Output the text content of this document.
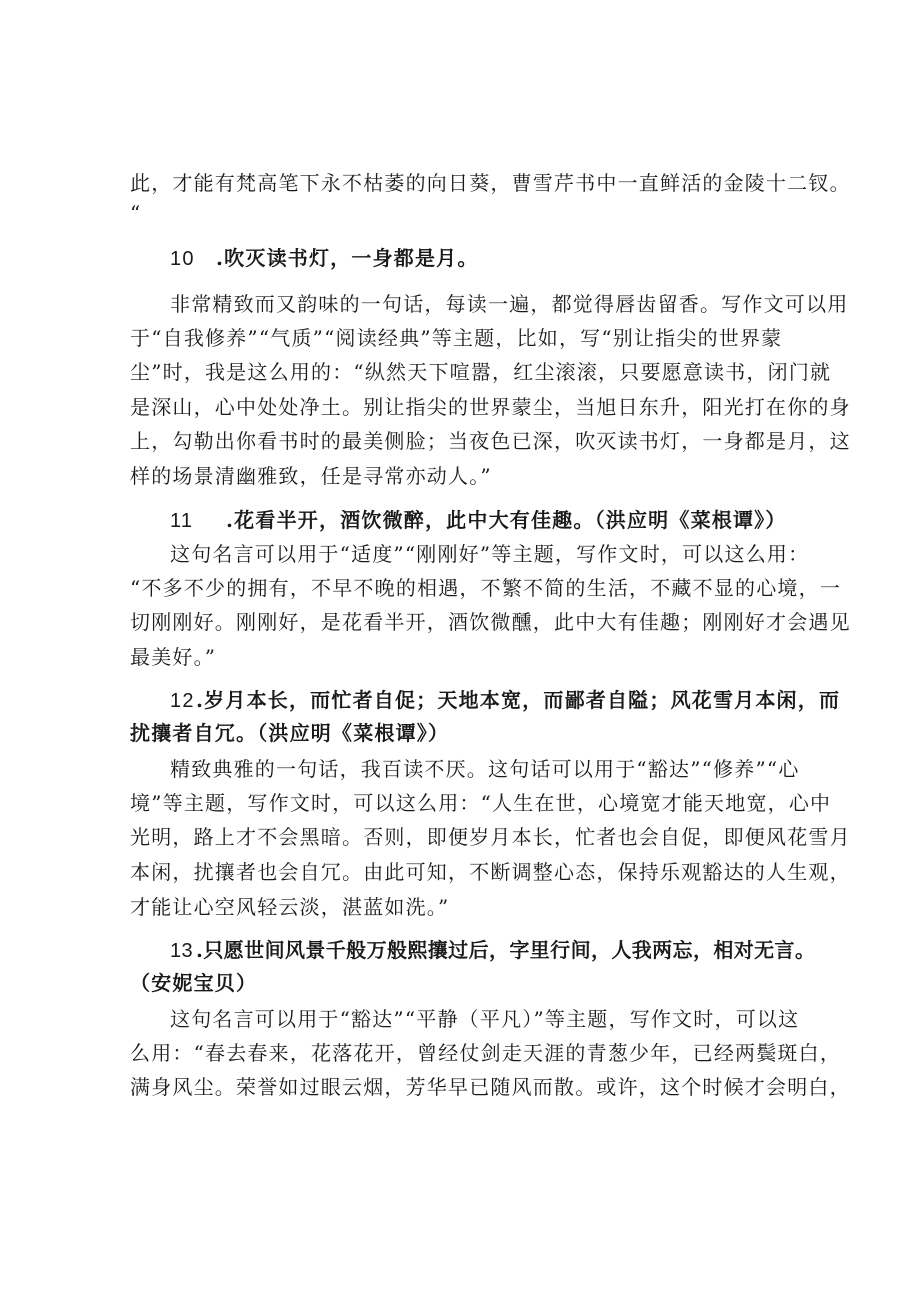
此，才能有梵高笔下永不枯萎的向日葵，曹雪芹书中一直鲜活的金陵十二钗。
“
10 .吹灭读书灯，一身都是月。
非常精致而又韵味的一句话，每读一遍，都觉得唇齿留香。写作文可以用
于“自我修养”“气质”“阅读经典”等主题，比如，写“别让指尖的世界蒙
尘”时，我是这么用的：“纵然天下喧嚣，红尘滚滚，只要愿意读书，闭门就
是深山，心中处处净土。别让指尖的世界蒙尘，当旭日东升，阳光打在你的身
上，勾勒出你看书时的最美侧脸；当夜色已深，吹灭读书灯，一身都是月，这
样的场景清幽雅致，任是寻常亦动人。”
11 .花看半开，酒饮微醉，此中大有佳趣。（洪应明《菜根谭》）
这句名言可以用于“适度”“刚刚好”等主题，写作文时，可以这么用：
“不多不少的拥有，不早不晚的相遇，不繁不简的生活，不藏不显的心境，一
切刚刚好。刚刚好，是花看半开，酒饮微醺，此中大有佳趣；刚刚好才会遇见
最美好。”
12.岁月本长，而忙者自促；天地本宽，而鄙者自隘；风花雪月本闲，而
扰攘者自冗。（洪应明《菜根谭》）
精致典雅的一句话，我百读不厌。这句话可以用于“豁达”“修养”“心
境”等主题，写作文时，可以这么用：“人生在世，心境宽才能天地宽，心中
光明，路上才不会黑暗。否则，即便岁月本长，忙者也会自促，即便风花雪月
本闲，扰攘者也会自冗。由此可知，不断调整心态，保持乐观豁达的人生观，
才能让心空风轻云淡，湛蓝如洗。”
13 .只愿世间风景千般万般熙攘过后，字里行间，人我两忘，相对无言。
（安妮宝贝）
这句名言可以用于“豁达”“平静（平凡）”等主题，写作文时，可以这
么用：“春去春来，花落花开，曾经仗剑走天涯的青葱少年，已经两鬓斑白，
满身风尘。荣誉如过眼云烟，芳华早已随风而散。或许，这个时候才会明白，
